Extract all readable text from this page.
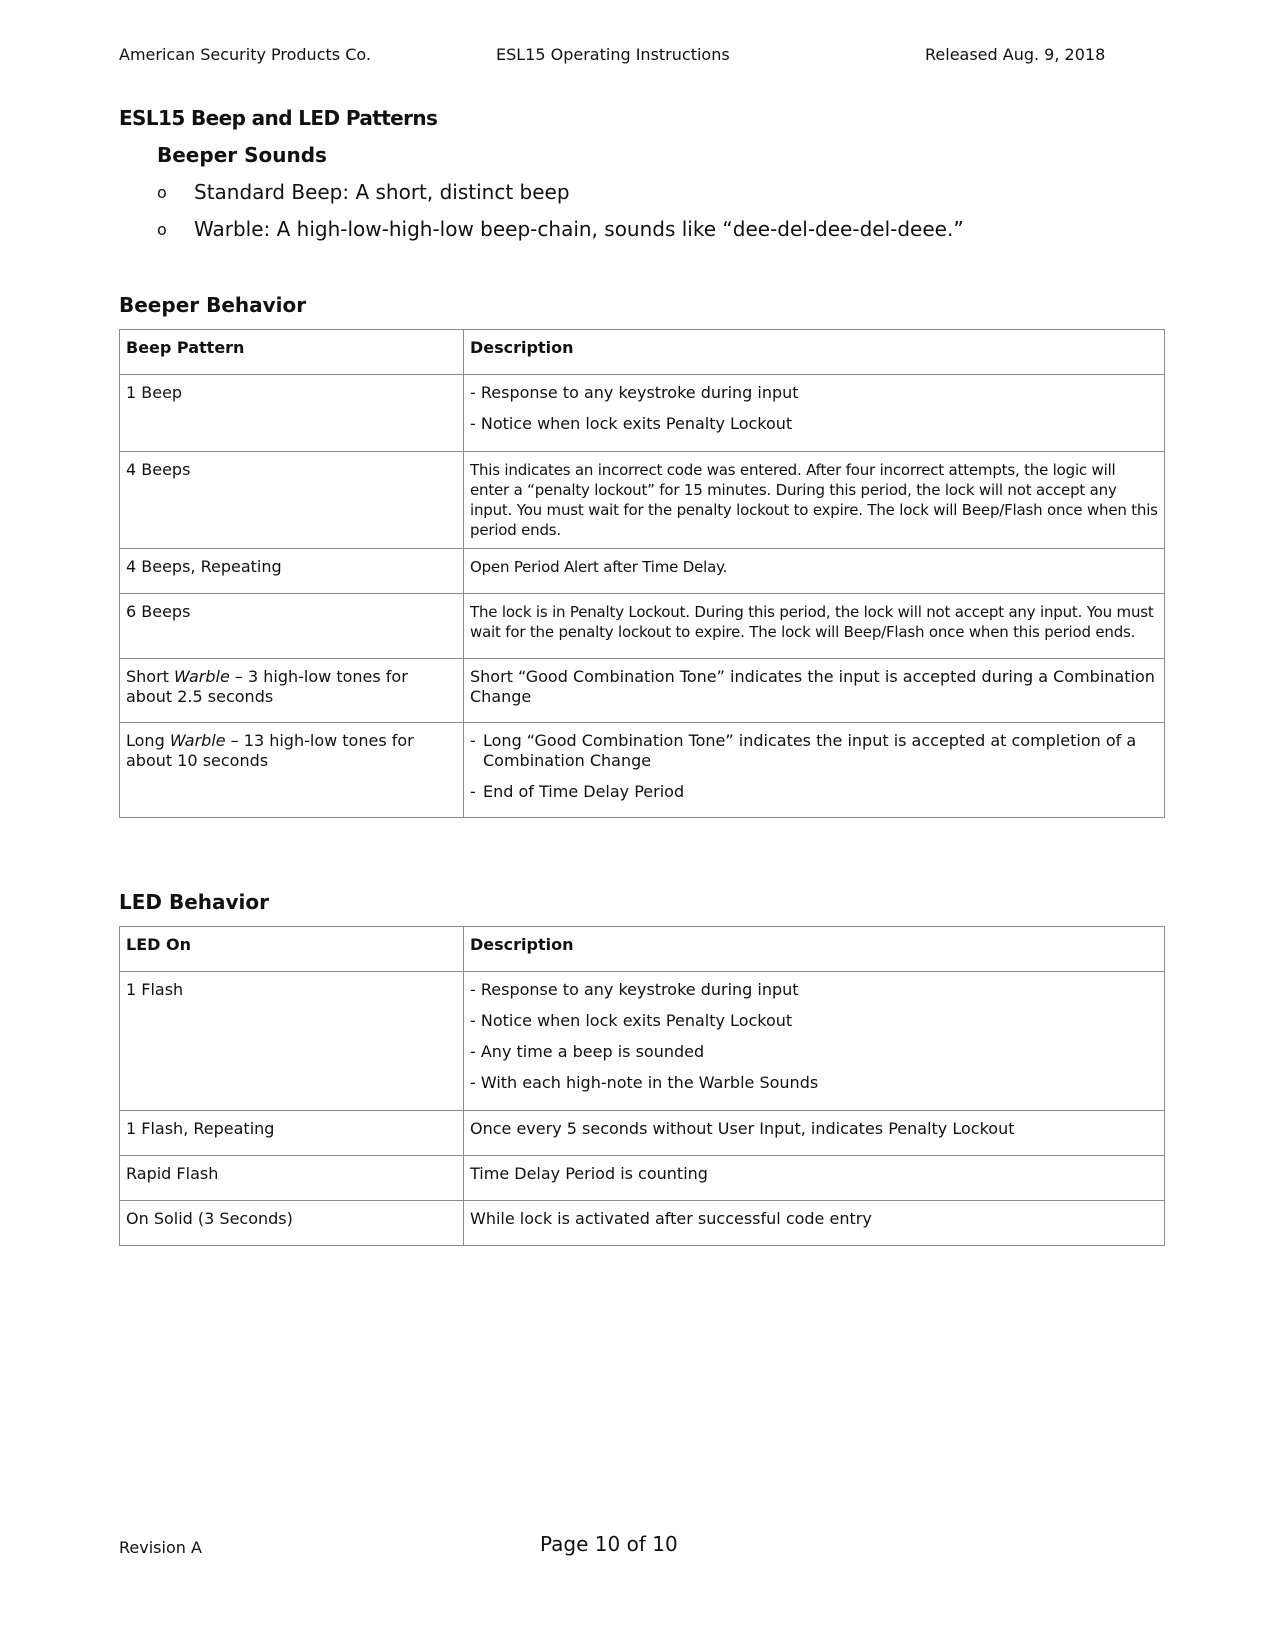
American Security Products Co.	ESL15 Operating Instructions	Released Aug. 9, 2018
ESL15 Beep and LED Patterns
Beeper Sounds
o	Standard Beep: A short, distinct beep
o	Warble: A high-low-high-low beep-chain, sounds like “dee-del-dee-del-deee.”
Beeper Behavior
Beep Pattern	Description
1 Beep	- Response to any keystroke during input

- Notice when lock exits Penalty Lockout

4 Beeps	This indicates an incorrect code was entered. After four incorrect attempts, the logic will enter a “penalty lockout” for 15 minutes. During this period, the lock will not accept any input. You must wait for the penalty lockout to expire. The lock will Beep/Flash once when this period ends.
4 Beeps, Repeating	Open Period Alert after Time Delay.
6 Beeps	The lock is in Penalty Lockout. During this period, the lock will not accept any input. You must wait for the penalty lockout to expire. The lock will Beep/Flash once when this period ends.
Short Warble – 3 high-low tones for about 2.5 seconds	Short “Good Combination Tone” indicates the input is accepted during a Combination Change
Long Warble – 13 high-low tones for about 10 seconds	- Long “Good Combination Tone” indicates the input is accepted at completion of a Combination Change
- End of Time Delay Period
LED Behavior
LED On	Description
1 Flash	- Response to any keystroke during input

- Notice when lock exits Penalty Lockout

- Any time a beep is sounded

- With each high-note in the Warble Sounds

1 Flash, Repeating	Once every 5 seconds without User Input, indicates Penalty Lockout
Rapid Flash	Time Delay Period is counting
On Solid (3 Seconds)	While lock is activated after successful code entry
Revision A	Page 10 of 10
